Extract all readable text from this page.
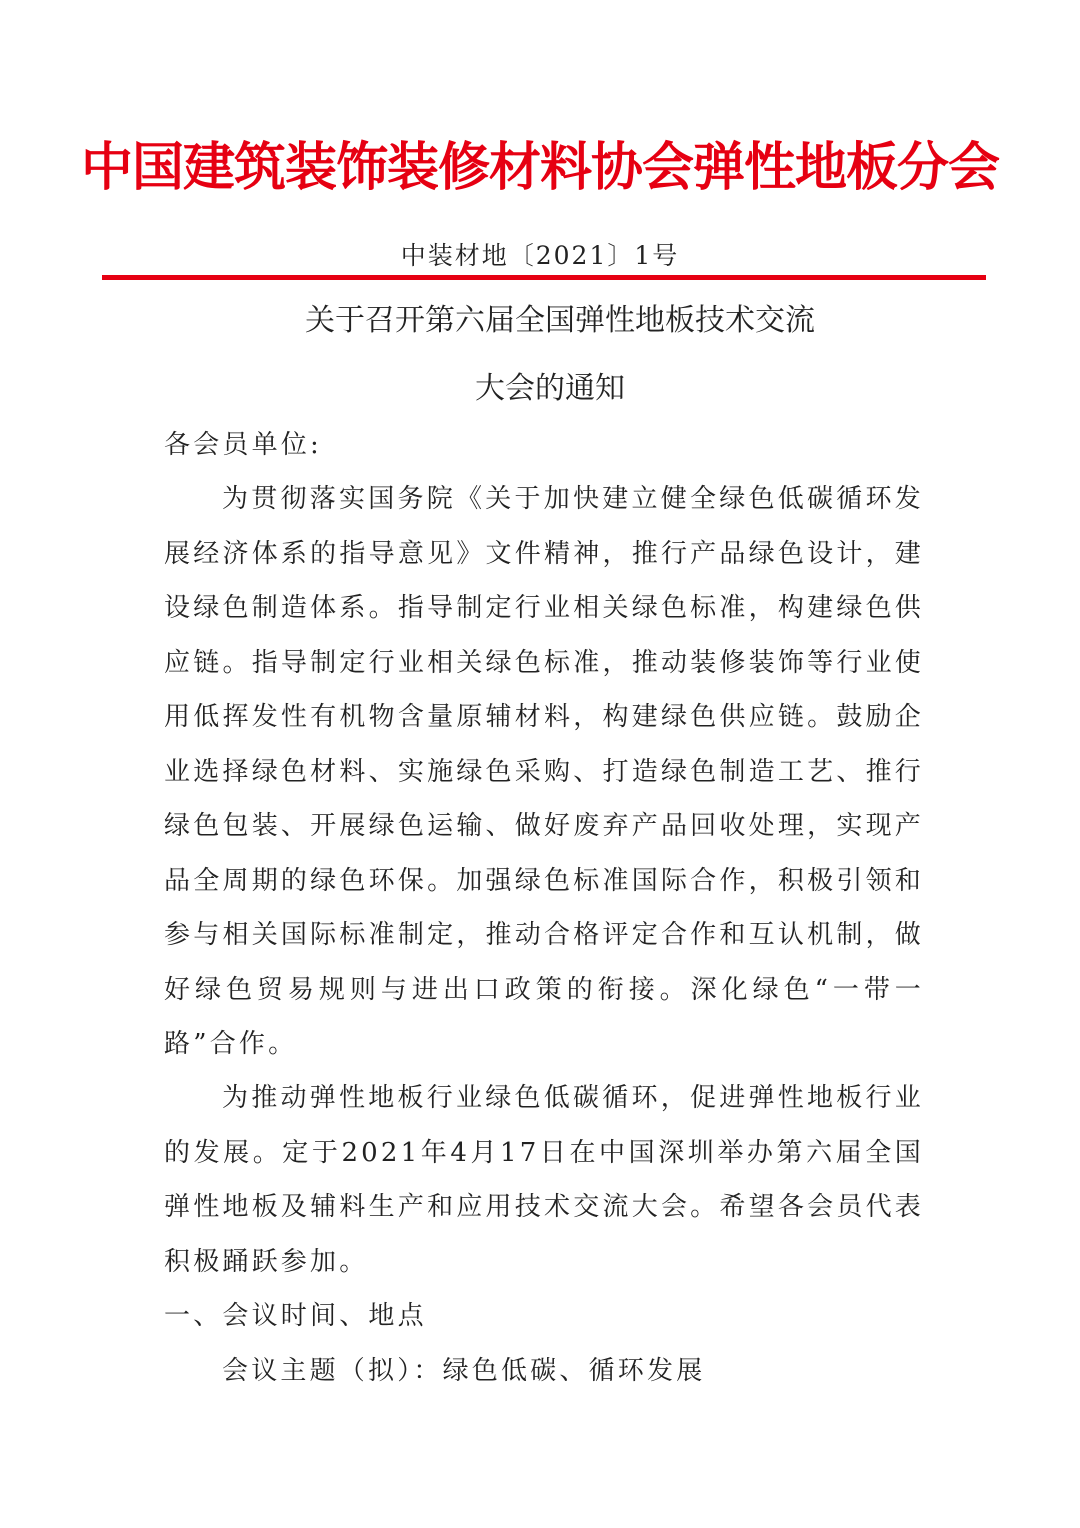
中国建筑装饰装修材料协会弹性地板分会
中装材地〔2021〕1号
关于召开第六届全国弹性地板技术交流
大会的通知
各会员单位:
为贯彻落实国务院《关于加快建立健全绿色低碳循环发展经济体系的指导意见》文件精神，推行产品绿色设计，建设绿色制造体系。指导制定行业相关绿色标准，构建绿色供应链。指导制定行业相关绿色标准，推动装修装饰等行业使用低挥发性有机物含量原辅材料，构建绿色供应链。鼓励企业选择绿色材料、实施绿色采购、打造绿色制造工艺、推行绿色包装、开展绿色运输、做好废弃产品回收处理，实现产品全周期的绿色环保。加强绿色标准国际合作，积极引领和参与相关国际标准制定，推动合格评定合作和互认机制，做好绿色贸易规则与进出口政策的衔接。深化绿色“一带一路”合作。
为推动弹性地板行业绿色低碳循环，促进弹性地板行业的发展。定于2021年4月17日在中国深圳举办第六届全国弹性地板及辅料生产和应用技术交流大会。希望各会员代表积极踊跃参加。
一、会议时间、地点
会议主题（拟）：绿色低碳、循环发展
